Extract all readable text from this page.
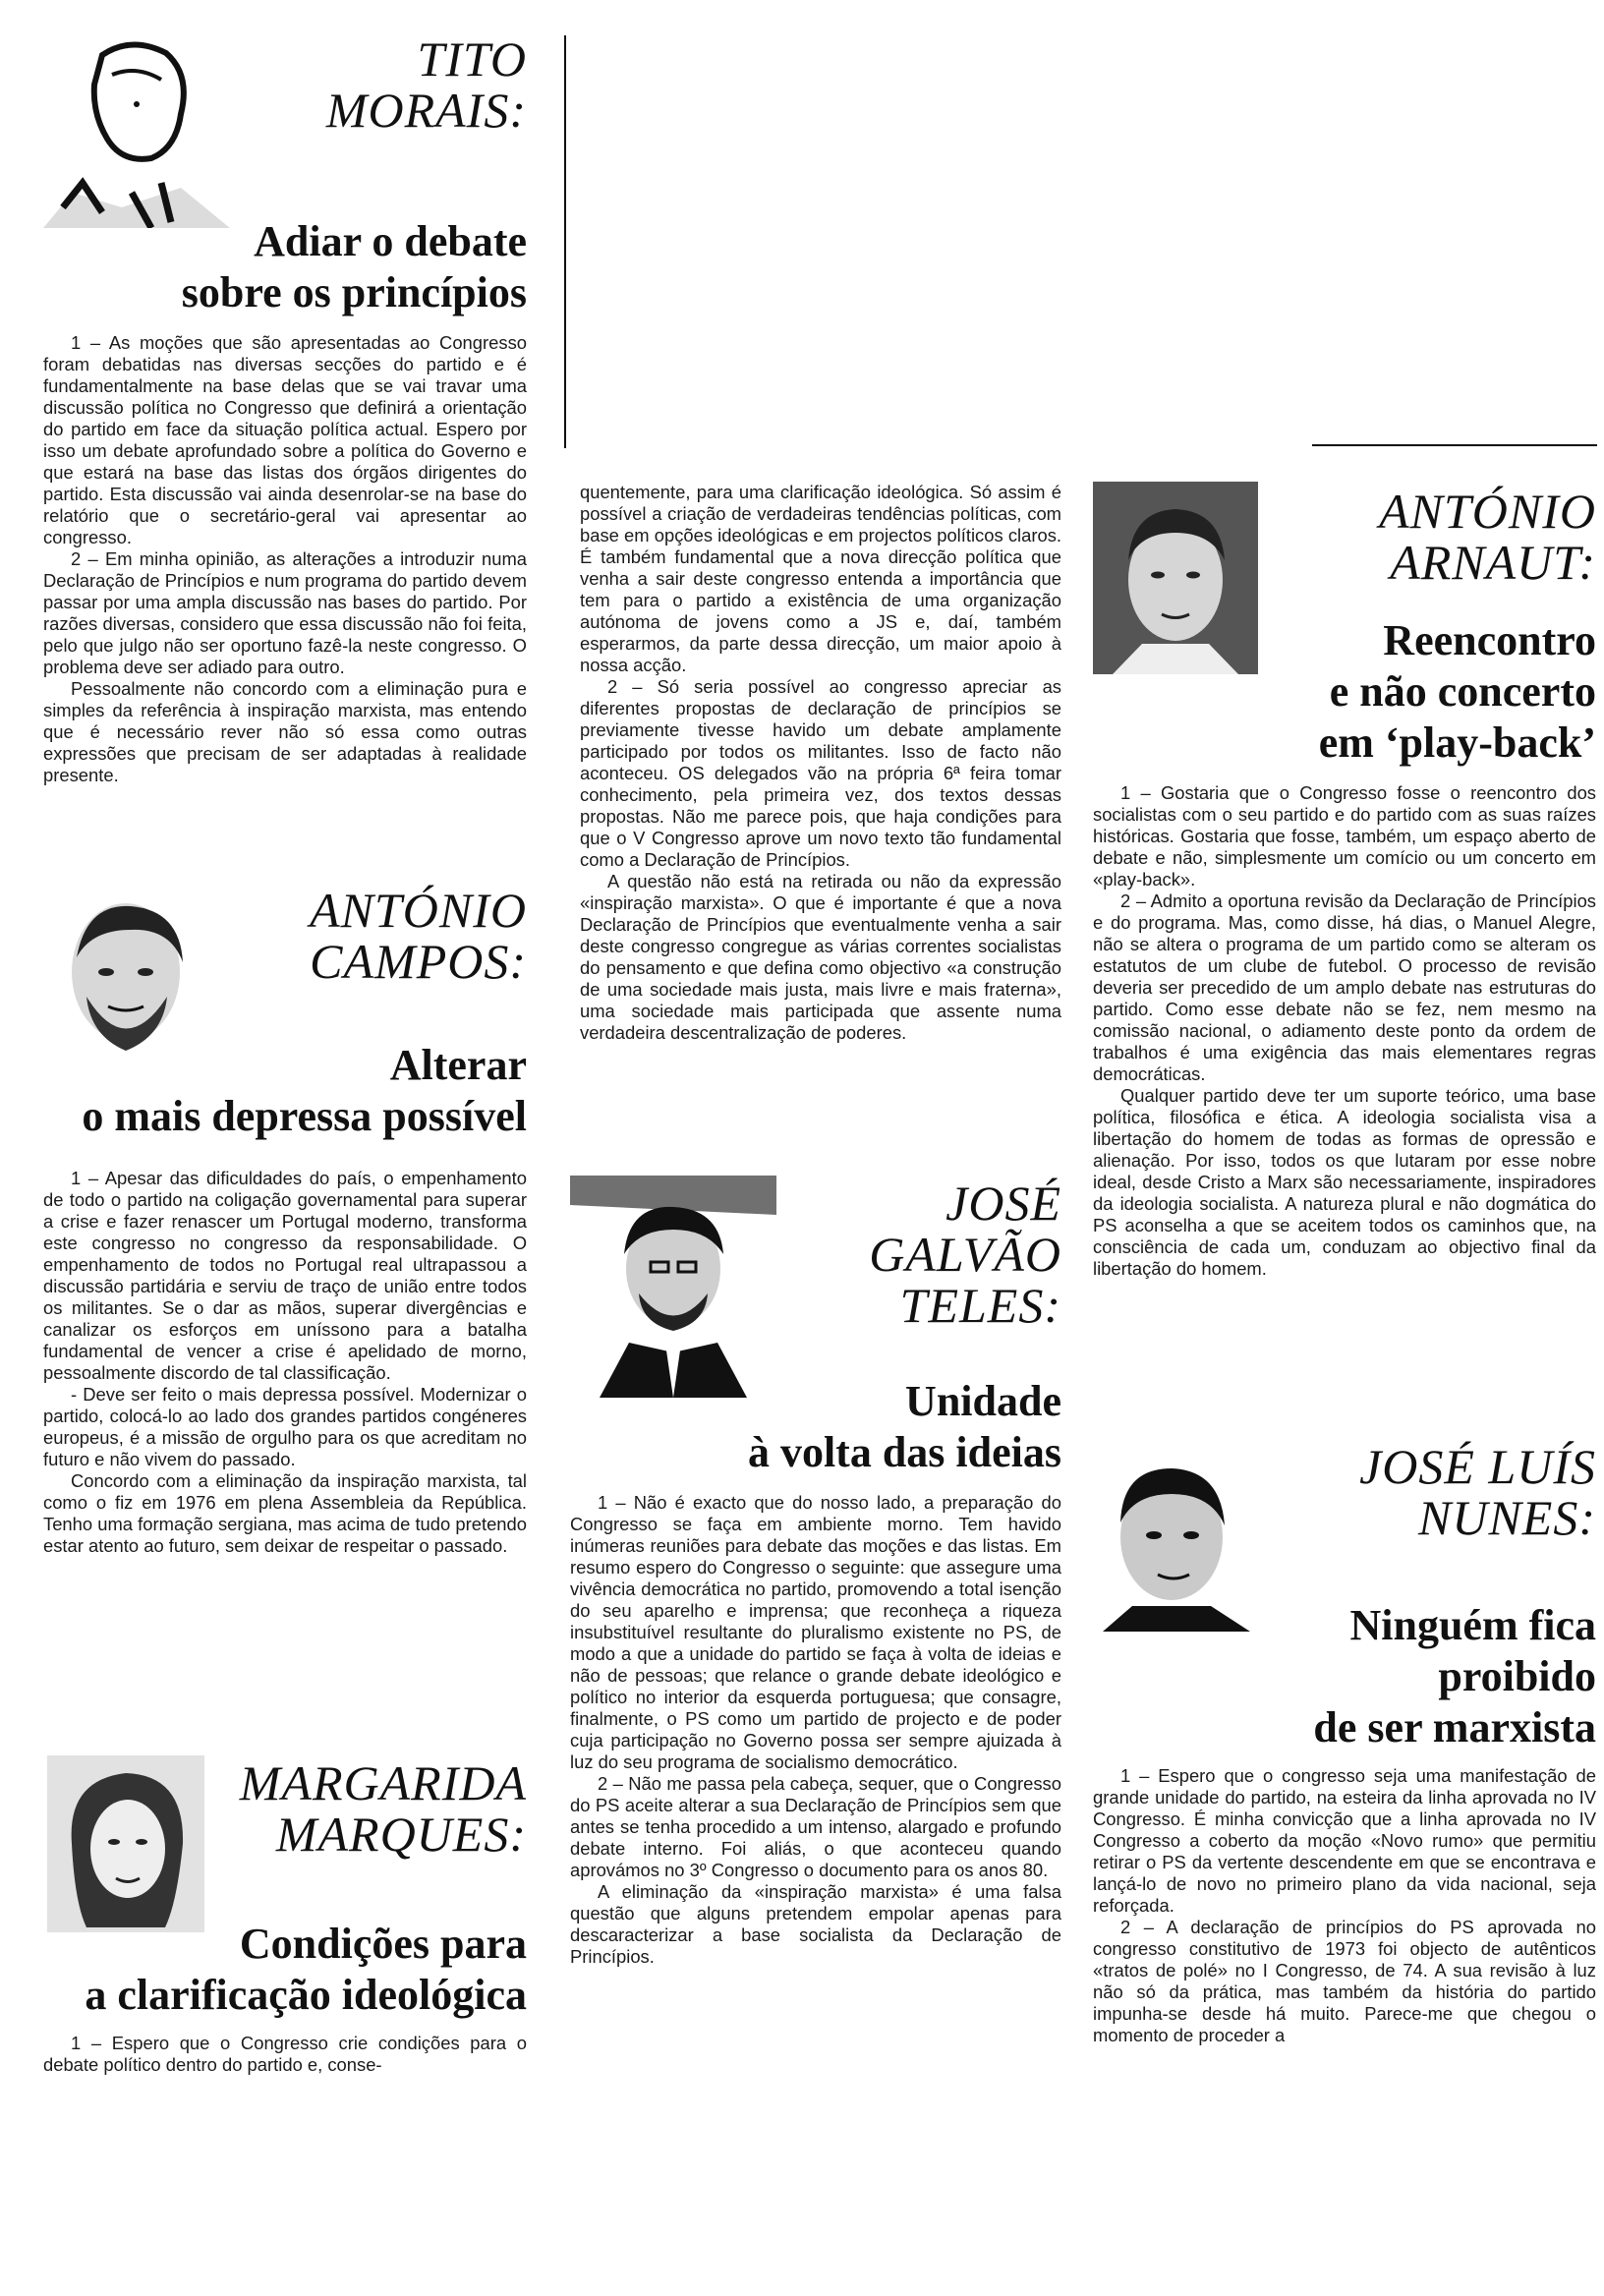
TITO
MORAIS:

Adiar o debate
sobre os princípios

1 – As moções que são apresentadas ao Congresso foram debatidas nas diversas secções do partido e é fundamentalmente na base delas que se vai travar uma discussão política no Congresso que definirá a orientação do partido em face da situação política actual. Espero por isso um debate aprofundado sobre a política do Governo e que estará na base das listas dos órgãos dirigentes do partido. Esta discussão vai ainda desenrolar-se na base do relatório que o secretário-geral vai apresentar ao congresso.

2 – Em minha opinião, as alterações a introduzir numa Declaração de Princípios e num programa do partido devem passar por uma ampla discussão nas bases do partido. Por razões diversas, considero que essa discussão não foi feita, pelo que julgo não ser oportuno fazê-la neste congresso. O problema deve ser adiado para outro.

Pessoalmente não concordo com a eliminação pura e simples da referência à inspiração marxista, mas entendo que é necessário rever não só essa como outras expressões que precisam de ser adaptadas à realidade presente.

ANTÓNIO
CAMPOS:

Alterar
o mais depressa possível

1 – Apesar das dificuldades do país, o empenhamento de todo o partido na coligação governamental para superar a crise e fazer renascer um Portugal moderno, transforma este congresso no congresso da responsabilidade. O empenhamento de todos no Portugal real ultrapassou a discussão partidária e serviu de traço de união entre todos os militantes. Se o dar as mãos, superar divergências e canalizar os esforços em uníssono para a batalha fundamental de vencer a crise é apelidado de morno, pessoalmente discordo de tal classificação.

- Deve ser feito o mais depressa possível. Modernizar o partido, colocá-lo ao lado dos grandes partidos congéneres europeus, é a missão de orgulho para os que acreditam no futuro e não vivem do passado.

Concordo com a eliminação da inspiração marxista, tal como o fiz em 1976 em plena Assembleia da República. Tenho uma formação sergiana, mas acima de tudo pretendo estar atento ao futuro, sem deixar de respeitar o passado.

MARGARIDA
MARQUES:

Condições para
a clarificação ideológica

1 – Espero que o Congresso crie condições para o debate político dentro do partido e, conse-

quentemente, para uma clarificação ideológica. Só assim é possível a criação de verdadeiras tendências políticas, com base em opções ideológicas e em projectos políticos claros. É também fundamental que a nova direcção política que venha a sair deste congresso entenda a importância que tem para o partido a existência de uma organização autónoma de jovens como a JS e, daí, também esperarmos, da parte dessa direcção, um maior apoio à nossa acção.

2 – Só seria possível ao congresso apreciar as diferentes propostas de declaração de princípios se previamente tivesse havido um debate amplamente participado por todos os militantes. Isso de facto não aconteceu. OS delegados vão na própria 6ª feira tomar conhecimento, pela primeira vez, dos textos dessas propostas. Não me parece pois, que haja condições para que o V Congresso aprove um novo texto tão fundamental como a Declaração de Princípios.

A questão não está na retirada ou não da expressão «inspiração marxista». O que é importante é que a nova Declaração de Princípios que eventualmente venha a sair deste congresso congregue as várias correntes socialistas do pensamento e que defina como objectivo «a construção de uma sociedade mais justa, mais livre e mais fraterna», uma sociedade mais participada que assente numa verdadeira descentralização de poderes.

JOSÉ
GALVÃO
TELES:

Unidade
à volta das ideias

1 – Não é exacto que do nosso lado, a preparação do Congresso se faça em ambiente morno. Tem havido inúmeras reuniões para debate das moções e das listas. Em resumo espero do Congresso o seguinte: que assegure uma vivência democrática no partido, promovendo a total isenção do seu aparelho e imprensa; que reconheça a riqueza insubstituível resultante do pluralismo existente no PS, de modo a que a unidade do partido se faça à volta de ideias e não de pessoas; que relance o grande debate ideológico e político no interior da esquerda portuguesa; que consagre, finalmente, o PS como um partido de projecto e de poder cuja participação no Governo possa ser sempre ajuizada à luz do seu programa de socialismo democrático.

2 – Não me passa pela cabeça, sequer, que o Congresso do PS aceite alterar a sua Declaração de Princípios sem que antes se tenha procedido a um intenso, alargado e profundo debate interno. Foi aliás, o que aconteceu quando aprovámos no 3º Congresso o documento para os anos 80.

A eliminação da «inspiração marxista» é uma falsa questão que alguns pretendem empolar apenas para descaracterizar a base socialista da Declaração de Princípios.

ANTÓNIO
ARNAUT:

Reencontro
e não concerto
em ‘play-back’

1 – Gostaria que o Congresso fosse o reencontro dos socialistas com o seu partido e do partido com as suas raízes históricas. Gostaria que fosse, também, um espaço aberto de debate e não, simplesmente um comício ou um concerto em «play-back».

2 – Admito a oportuna revisão da Declaração de Princípios e do programa. Mas, como disse, há dias, o Manuel Alegre, não se altera o programa de um partido como se alteram os estatutos de um clube de futebol. O processo de revisão deveria ser precedido de um amplo debate nas estruturas do partido. Como esse debate não se fez, nem mesmo na comissão nacional, o adiamento deste ponto da ordem de trabalhos é uma exigência das mais elementares regras democráticas.

Qualquer partido deve ter um suporte teórico, uma base política, filosófica e ética. A ideologia socialista visa a libertação do homem de todas as formas de opressão e alienação. Por isso, todos os que lutaram por esse nobre ideal, desde Cristo a Marx são necessariamente, inspiradores da ideologia socialista. A natureza plural e não dogmática do PS aconselha a que se aceitem todos os caminhos que, na consciência de cada um, conduzam ao objectivo final da libertação do homem.

JOSÉ LUÍS
NUNES:

Ninguém fica
proibido
de ser marxista

1 – Espero que o congresso seja uma manifestação de grande unidade do partido, na esteira da linha aprovada no IV Congresso. É minha convicção que a linha aprovada no IV Congresso a coberto da moção «Novo rumo» que permitiu retirar o PS da vertente descendente em que se encontrava e lançá-lo de novo no primeiro plano da vida nacional, seja reforçada.

2 – A declaração de princípios do PS aprovada no congresso constitutivo de 1973 foi objecto de autênticos «tratos de polé» no I Congresso, de 74. A sua revisão à luz não só da prática, mas também da história do partido impunha-se desde há muito. Parece-me que chegou o momento de proceder a
